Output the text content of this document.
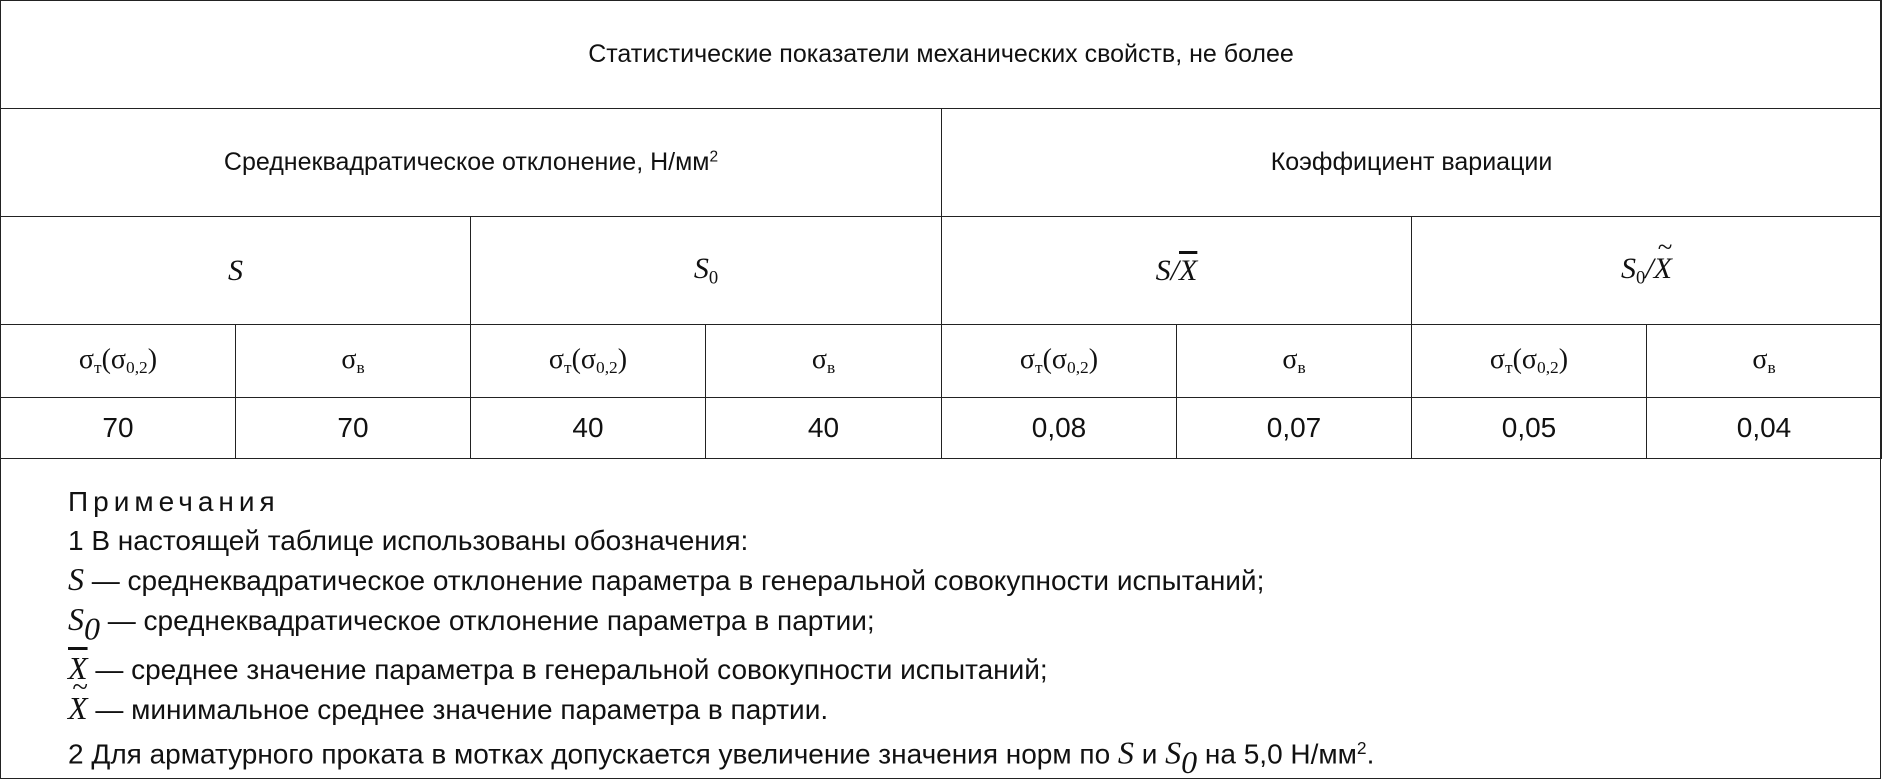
Статистические показатели механических свойств, не более							
Среднеквадратическое отклонение, $Н/мм^2$				Коэффициент вариации			
S		$S_0$		$S/\overline{X}$		$S_0/\sim$ X
$\sigma_т(\sigma_{0,2})$	$\sigma_в$	$\sigma_т(\sigma_{0,2})$	$\sigma_в$	$\sigma_т(\sigma_{0,2})$	$\sigma_в$	$\sigma_т(\sigma_{0,2})$	$\sigma_в$
70	70	40	40	0,08	0,07	0,05	0,04
Примечания
1 В настоящей таблице использованы обозначения:
S — среднеквадратическое отклонение параметра в генеральной совокупности испытаний;
$S_0$ — среднеквадратическое отклонение параметра в партии;
$\overline{X}$ — среднее значение параметра в генеральной совокупности испытаний;
~ X — минимальное среднее значение параметра в партии.
2 Для арматурного проката в мотках допускается увеличение значения норм по S и $S_0$ на 5,0 $Н/мм^2$.
